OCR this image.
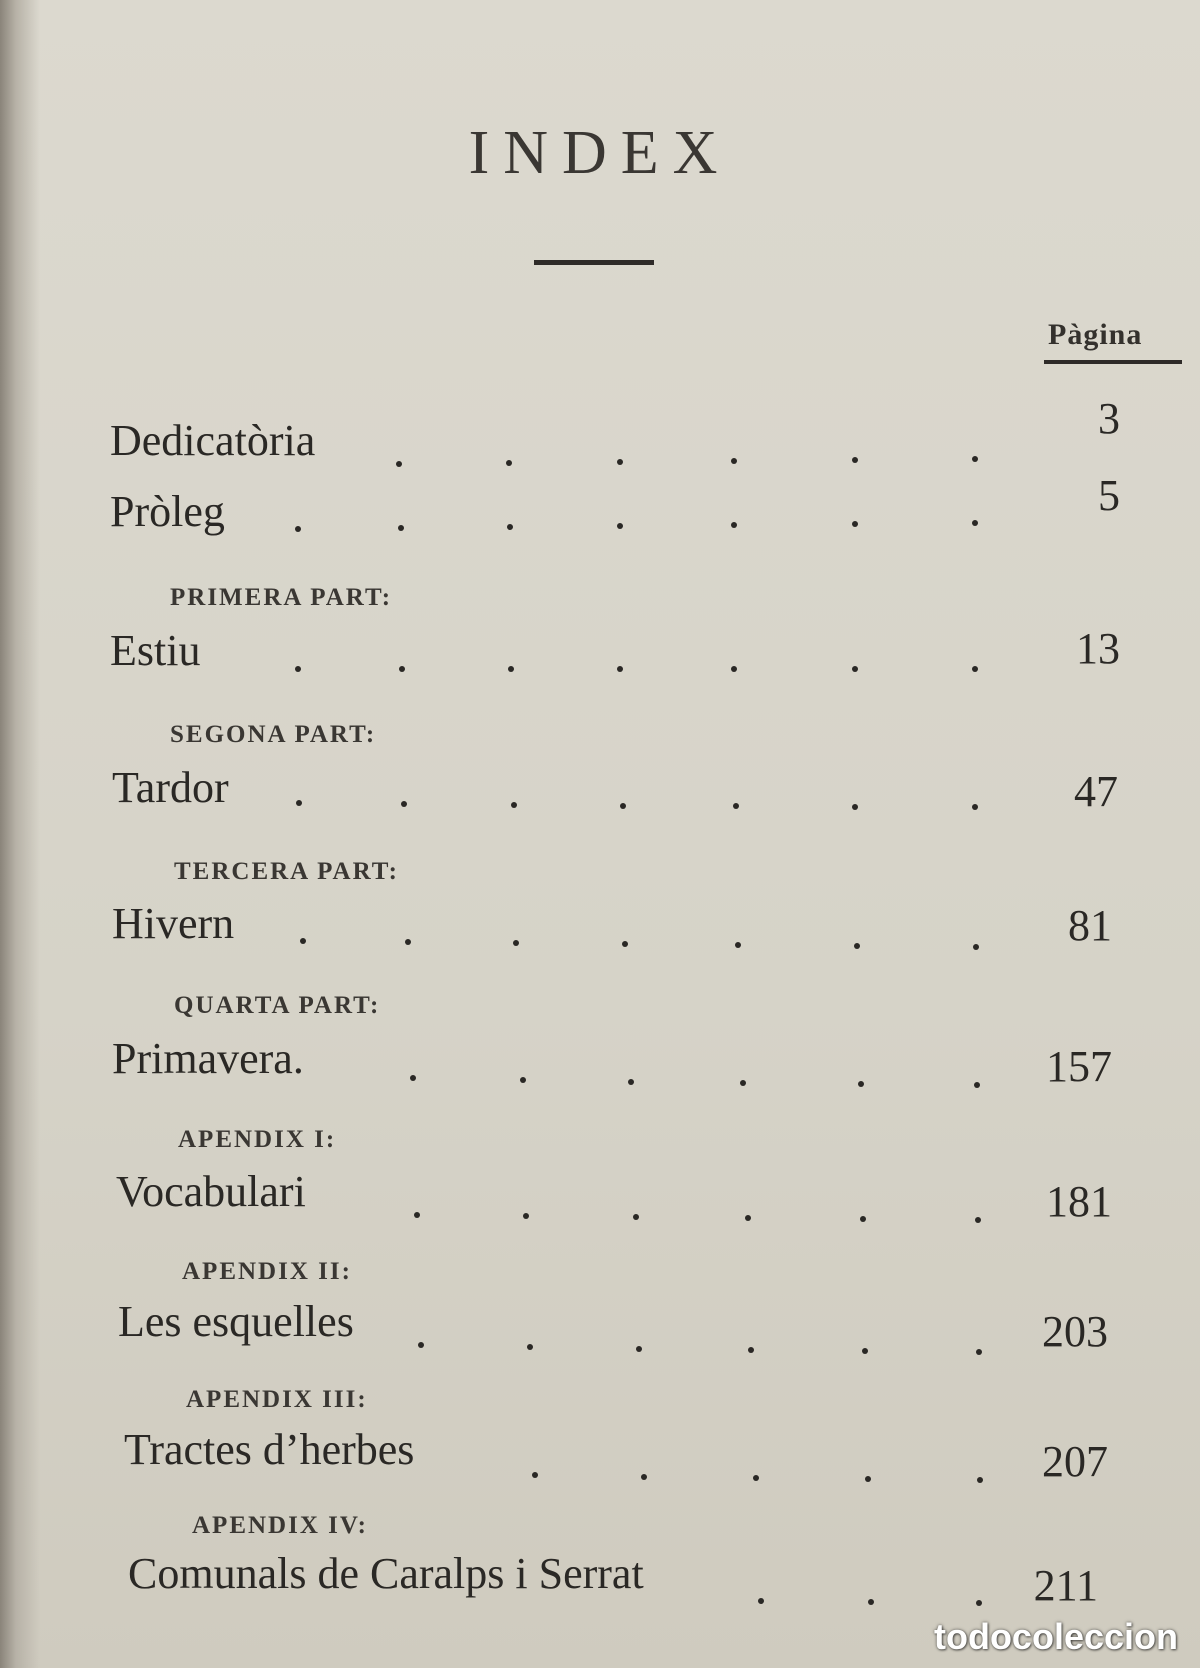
INDEX
Pàgina
Dedicatòria	3
Pròleg	5
PRIMERA PART:
Estiu	13
SEGONA PART:
Tardor	47
TERCERA PART:
Hivern	81
QUARTA PART:
Primavera.	157
APENDIX I:
Vocabulari	181
APENDIX II:
Les esquelles	203
APENDIX III:
Tractes d’herbes	207
APENDIX IV:
Comunals de Caralps i Serrat	211
todocoleccion
